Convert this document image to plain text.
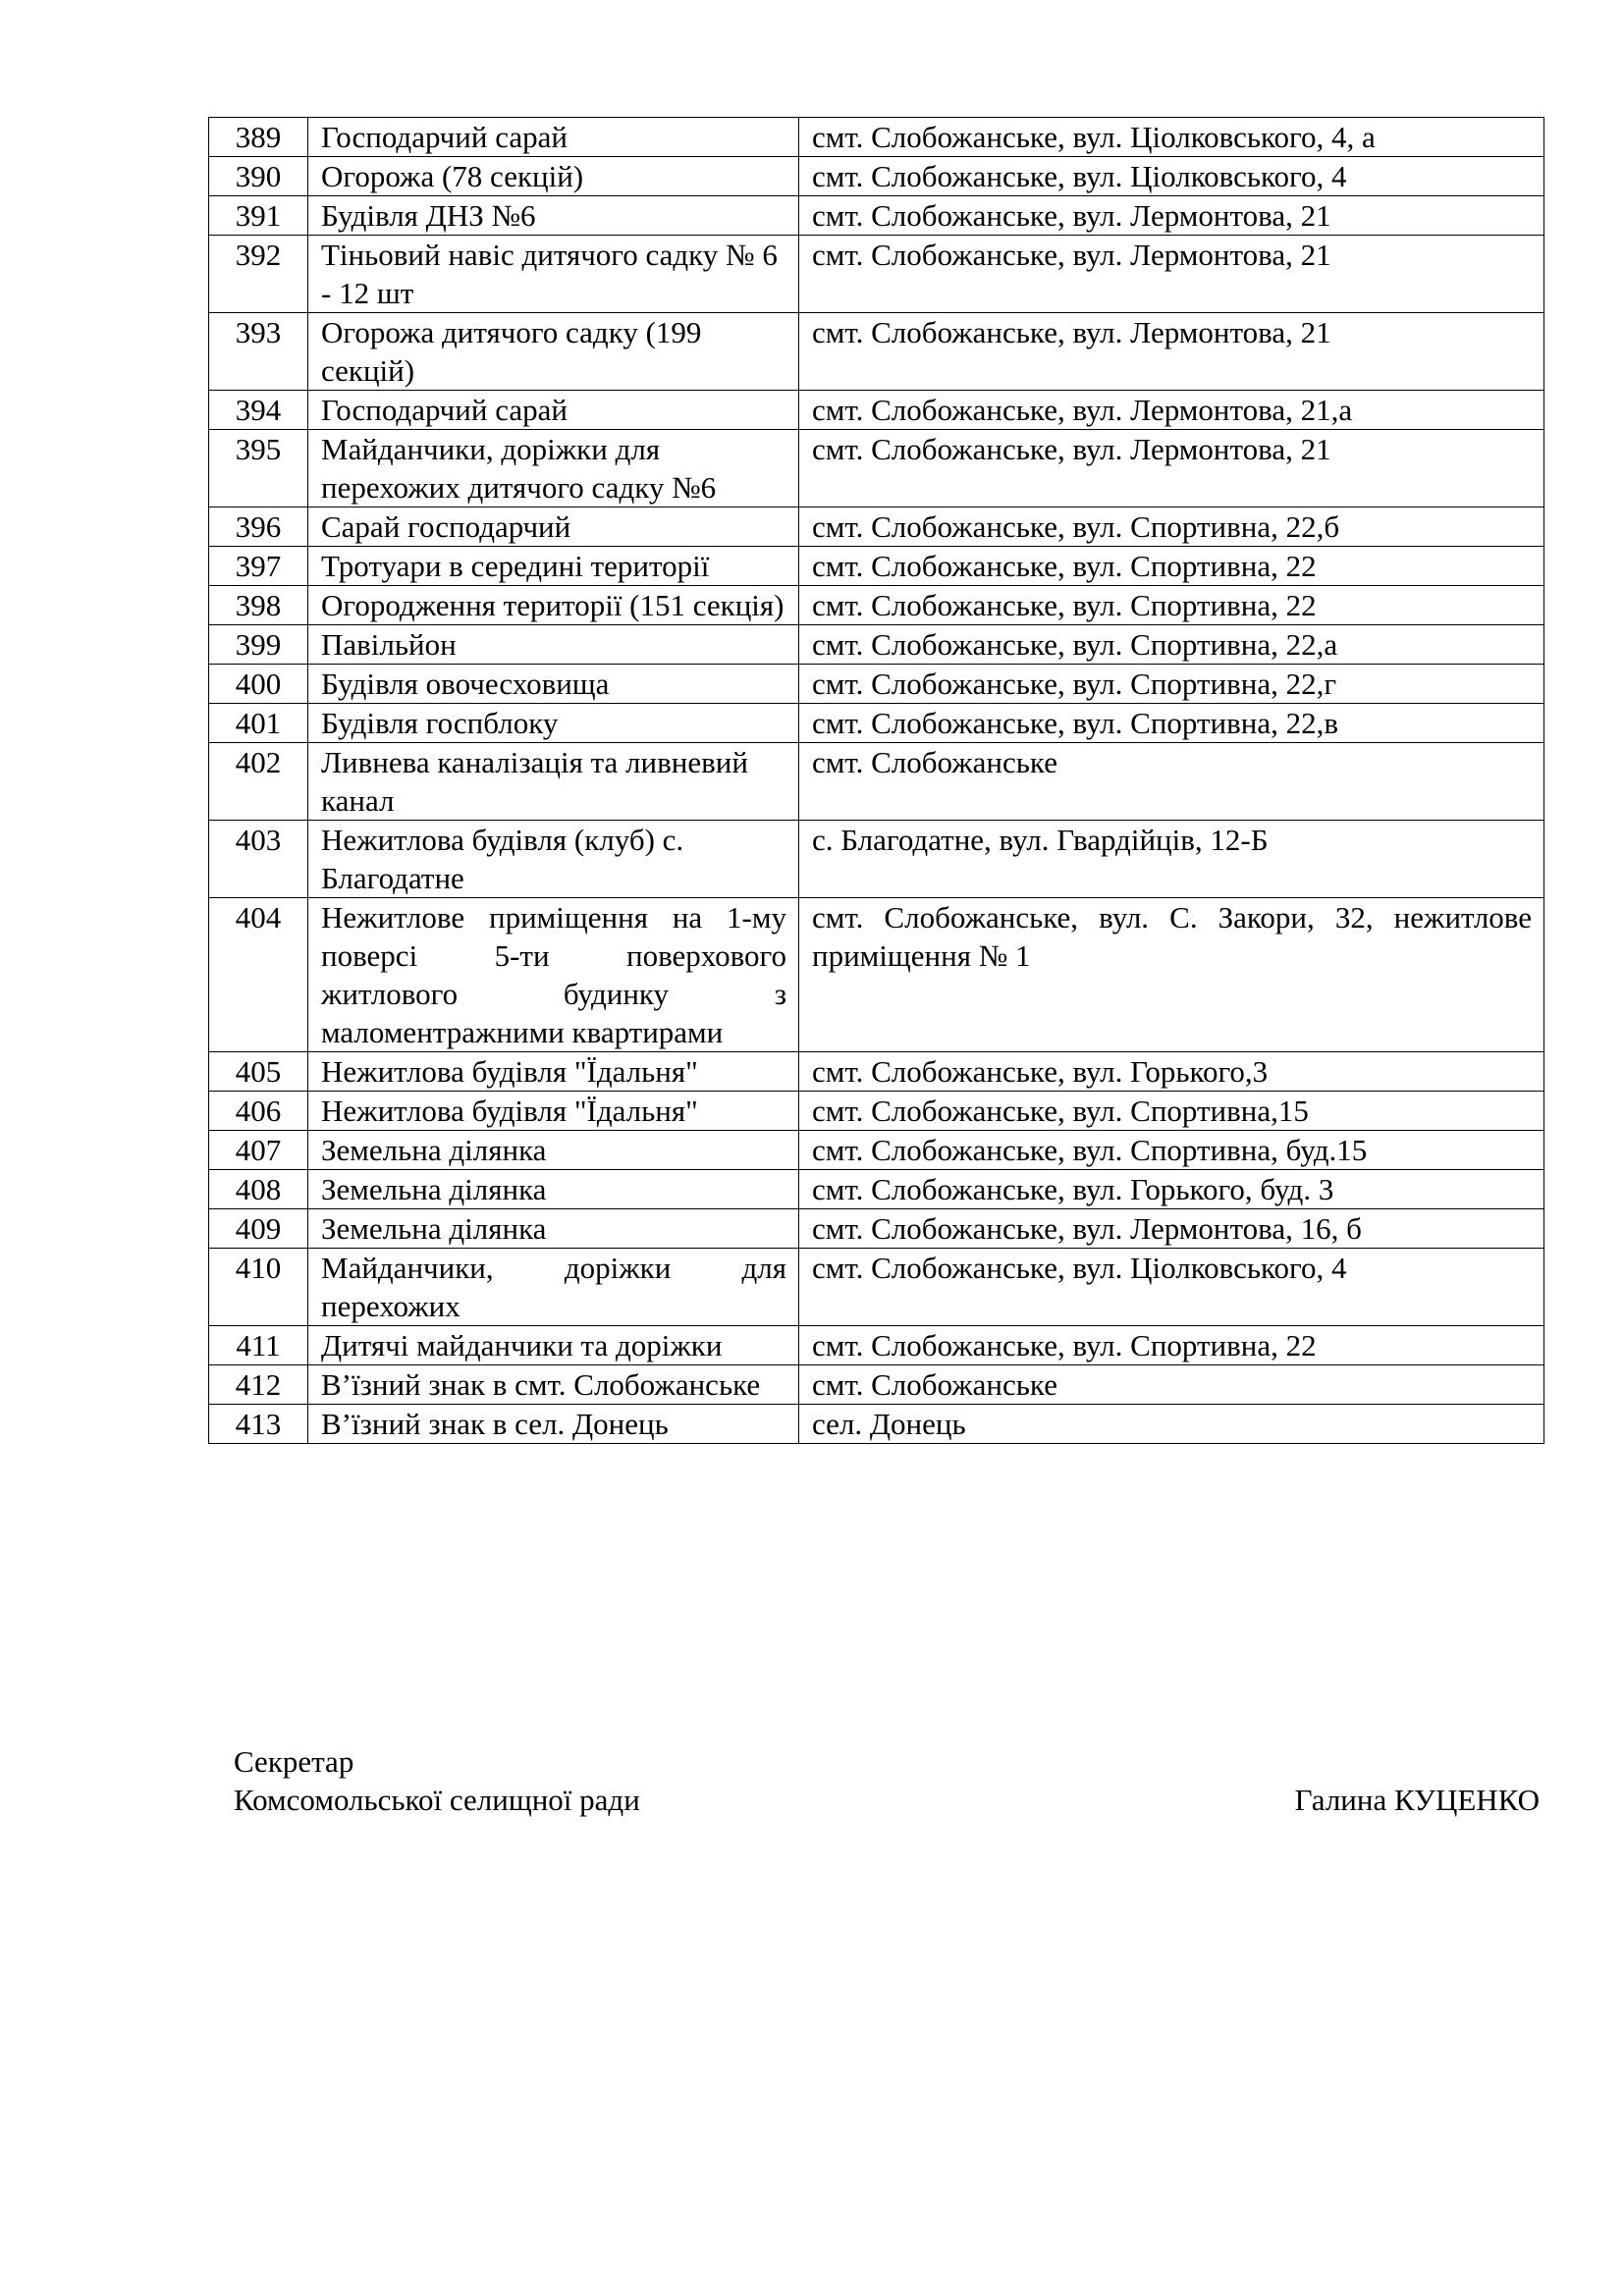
389	Господарчий сарай	смт. Слобожанське, вул. Ціолковського, 4, а
390	Огорожа (78 секцій)	смт. Слобожанське, вул. Ціолковського, 4
391	Будівля ДНЗ №6	смт. Слобожанське, вул. Лермонтова, 21
392	Тіньовий навіс дитячого садку № 6 - 12 шт	смт. Слобожанське, вул. Лермонтова, 21
393	Огорожа дитячого садку (199 секцій)	смт. Слобожанське, вул. Лермонтова, 21
394	Господарчий сарай	смт. Слобожанське, вул. Лермонтова, 21,а
395	Майданчики, доріжки для перехожих дитячого садку №6	смт. Слобожанське, вул. Лермонтова, 21
396	Сарай господарчий	смт. Слобожанське, вул. Спортивна, 22,б
397	Тротуари в середині території	смт. Слобожанське, вул. Спортивна, 22
398	Огородження території (151 секція)	смт. Слобожанське, вул. Спортивна, 22
399	Павільйон	смт. Слобожанське, вул. Спортивна, 22,а
400	Будівля овочесховища	смт. Слобожанське, вул. Спортивна, 22,г
401	Будівля госпблоку	смт. Слобожанське, вул. Спортивна, 22,в
402	Ливнева каналізація та ливневий канал	смт. Слобожанське
403	Нежитлова будівля (клуб) с. Благодатне	с. Благодатне, вул. Гвардійців, 12-Б
404	Нежитлове приміщення на 1-му поверсі 5-ти поверхового житлового будинку з маломентражними квартирами	смт. Слобожанське, вул. С. Закори, 32, нежитлове приміщення № 1
405	Нежитлова будівля "Їдальня"	смт. Слобожанське, вул. Горького,3
406	Нежитлова будівля "Їдальня"	смт. Слобожанське, вул. Спортивна,15
407	Земельна ділянка	смт. Слобожанське, вул. Спортивна, буд.15
408	Земельна ділянка	смт. Слобожанське, вул. Горького, буд. 3
409	Земельна ділянка	смт. Слобожанське, вул. Лермонтова, 16, б
410	Майданчики, доріжки для перехожих	смт. Слобожанське, вул. Ціолковського, 4
411	Дитячі майданчики та доріжки	смт. Слобожанське, вул. Спортивна, 22
412	В’їзний знак в смт. Слобожанське	смт. Слобожанське
413	В’їзний знак в сел. Донець	сел. Донець
Секретар
Комсомольської селищної ради	Галина КУЦЕНКО
